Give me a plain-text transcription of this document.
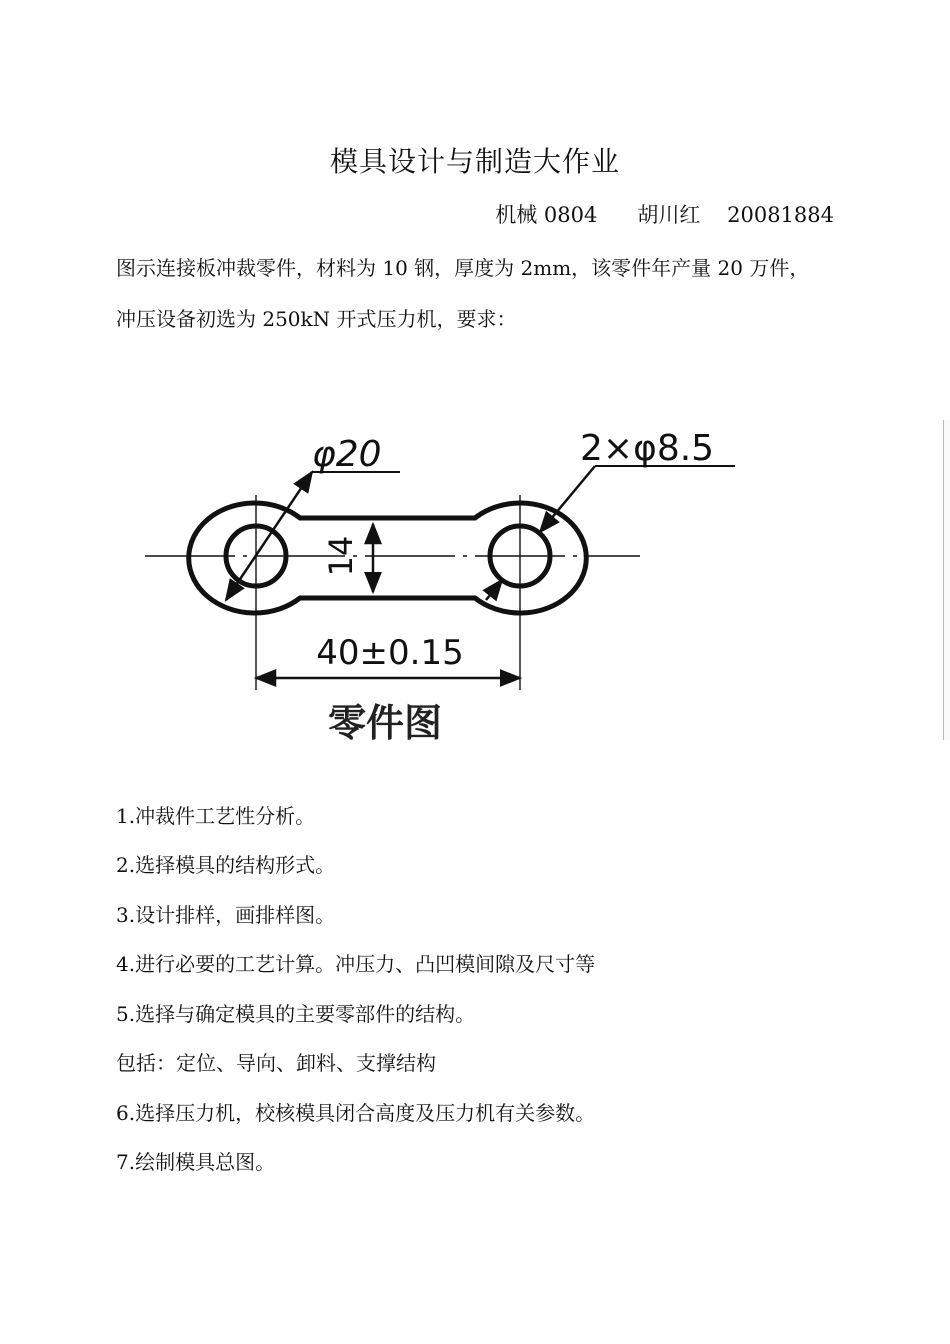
模具设计与制造大作业
机械 0804 胡川红 20081884
图示连接板冲裁零件，材料为 10 钢，厚度为 2mm，该零件年产量 20 万件，
冲压设备初选为 250kN 开式压力机，要求：
φ20	2×φ8.5
14
40±0.15
零件图
1.冲裁件工艺性分析。
2.选择模具的结构形式。
3.设计排样，画排样图。
4.进行必要的工艺计算。冲压力、凸凹模间隙及尺寸等
5.选择与确定模具的主要零部件的结构。
包括：定位、导向、卸料、支撑结构
6.选择压力机，校核模具闭合高度及压力机有关参数。
7.绘制模具总图。
